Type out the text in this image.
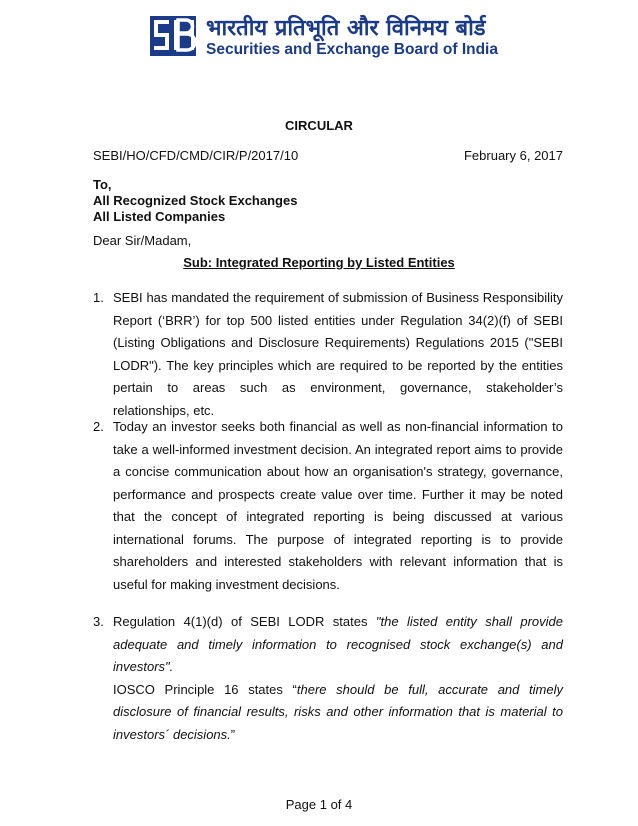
भारतीय प्रतिभूति और विनिमय बोर्ड
Securities and Exchange Board of India
CIRCULAR
SEBI/HO/CFD/CMD/CIR/P/2017/10	February 6, 2017
To,
All Recognized Stock Exchanges
All Listed Companies
Dear Sir/Madam,
Sub: Integrated Reporting by Listed Entities
1. SEBI has mandated the requirement of submission of Business Responsibility Report (‘BRR’) for top 500 listed entities under Regulation 34(2)(f) of SEBI (Listing Obligations and Disclosure Requirements) Regulations 2015 ("SEBI LODR"). The key principles which are required to be reported by the entities pertain to areas such as environment, governance, stakeholder’s relationships, etc.
2. Today an investor seeks both financial as well as non-financial information to take a well-informed investment decision. An integrated report aims to provide a concise communication about how an organisation's strategy, governance, performance and prospects create value over time. Further it may be noted that the concept of integrated reporting is being discussed at various international forums. The purpose of integrated reporting is to provide shareholders and interested stakeholders with relevant information that is useful for making investment decisions.
3. Regulation 4(1)(d) of SEBI LODR states "the listed entity shall provide adequate and timely information to recognised stock exchange(s) and investors".
IOSCO Principle 16 states “there should be full, accurate and timely disclosure of financial results, risks and other information that is material to investors´ decisions.”
Page 1 of 4
